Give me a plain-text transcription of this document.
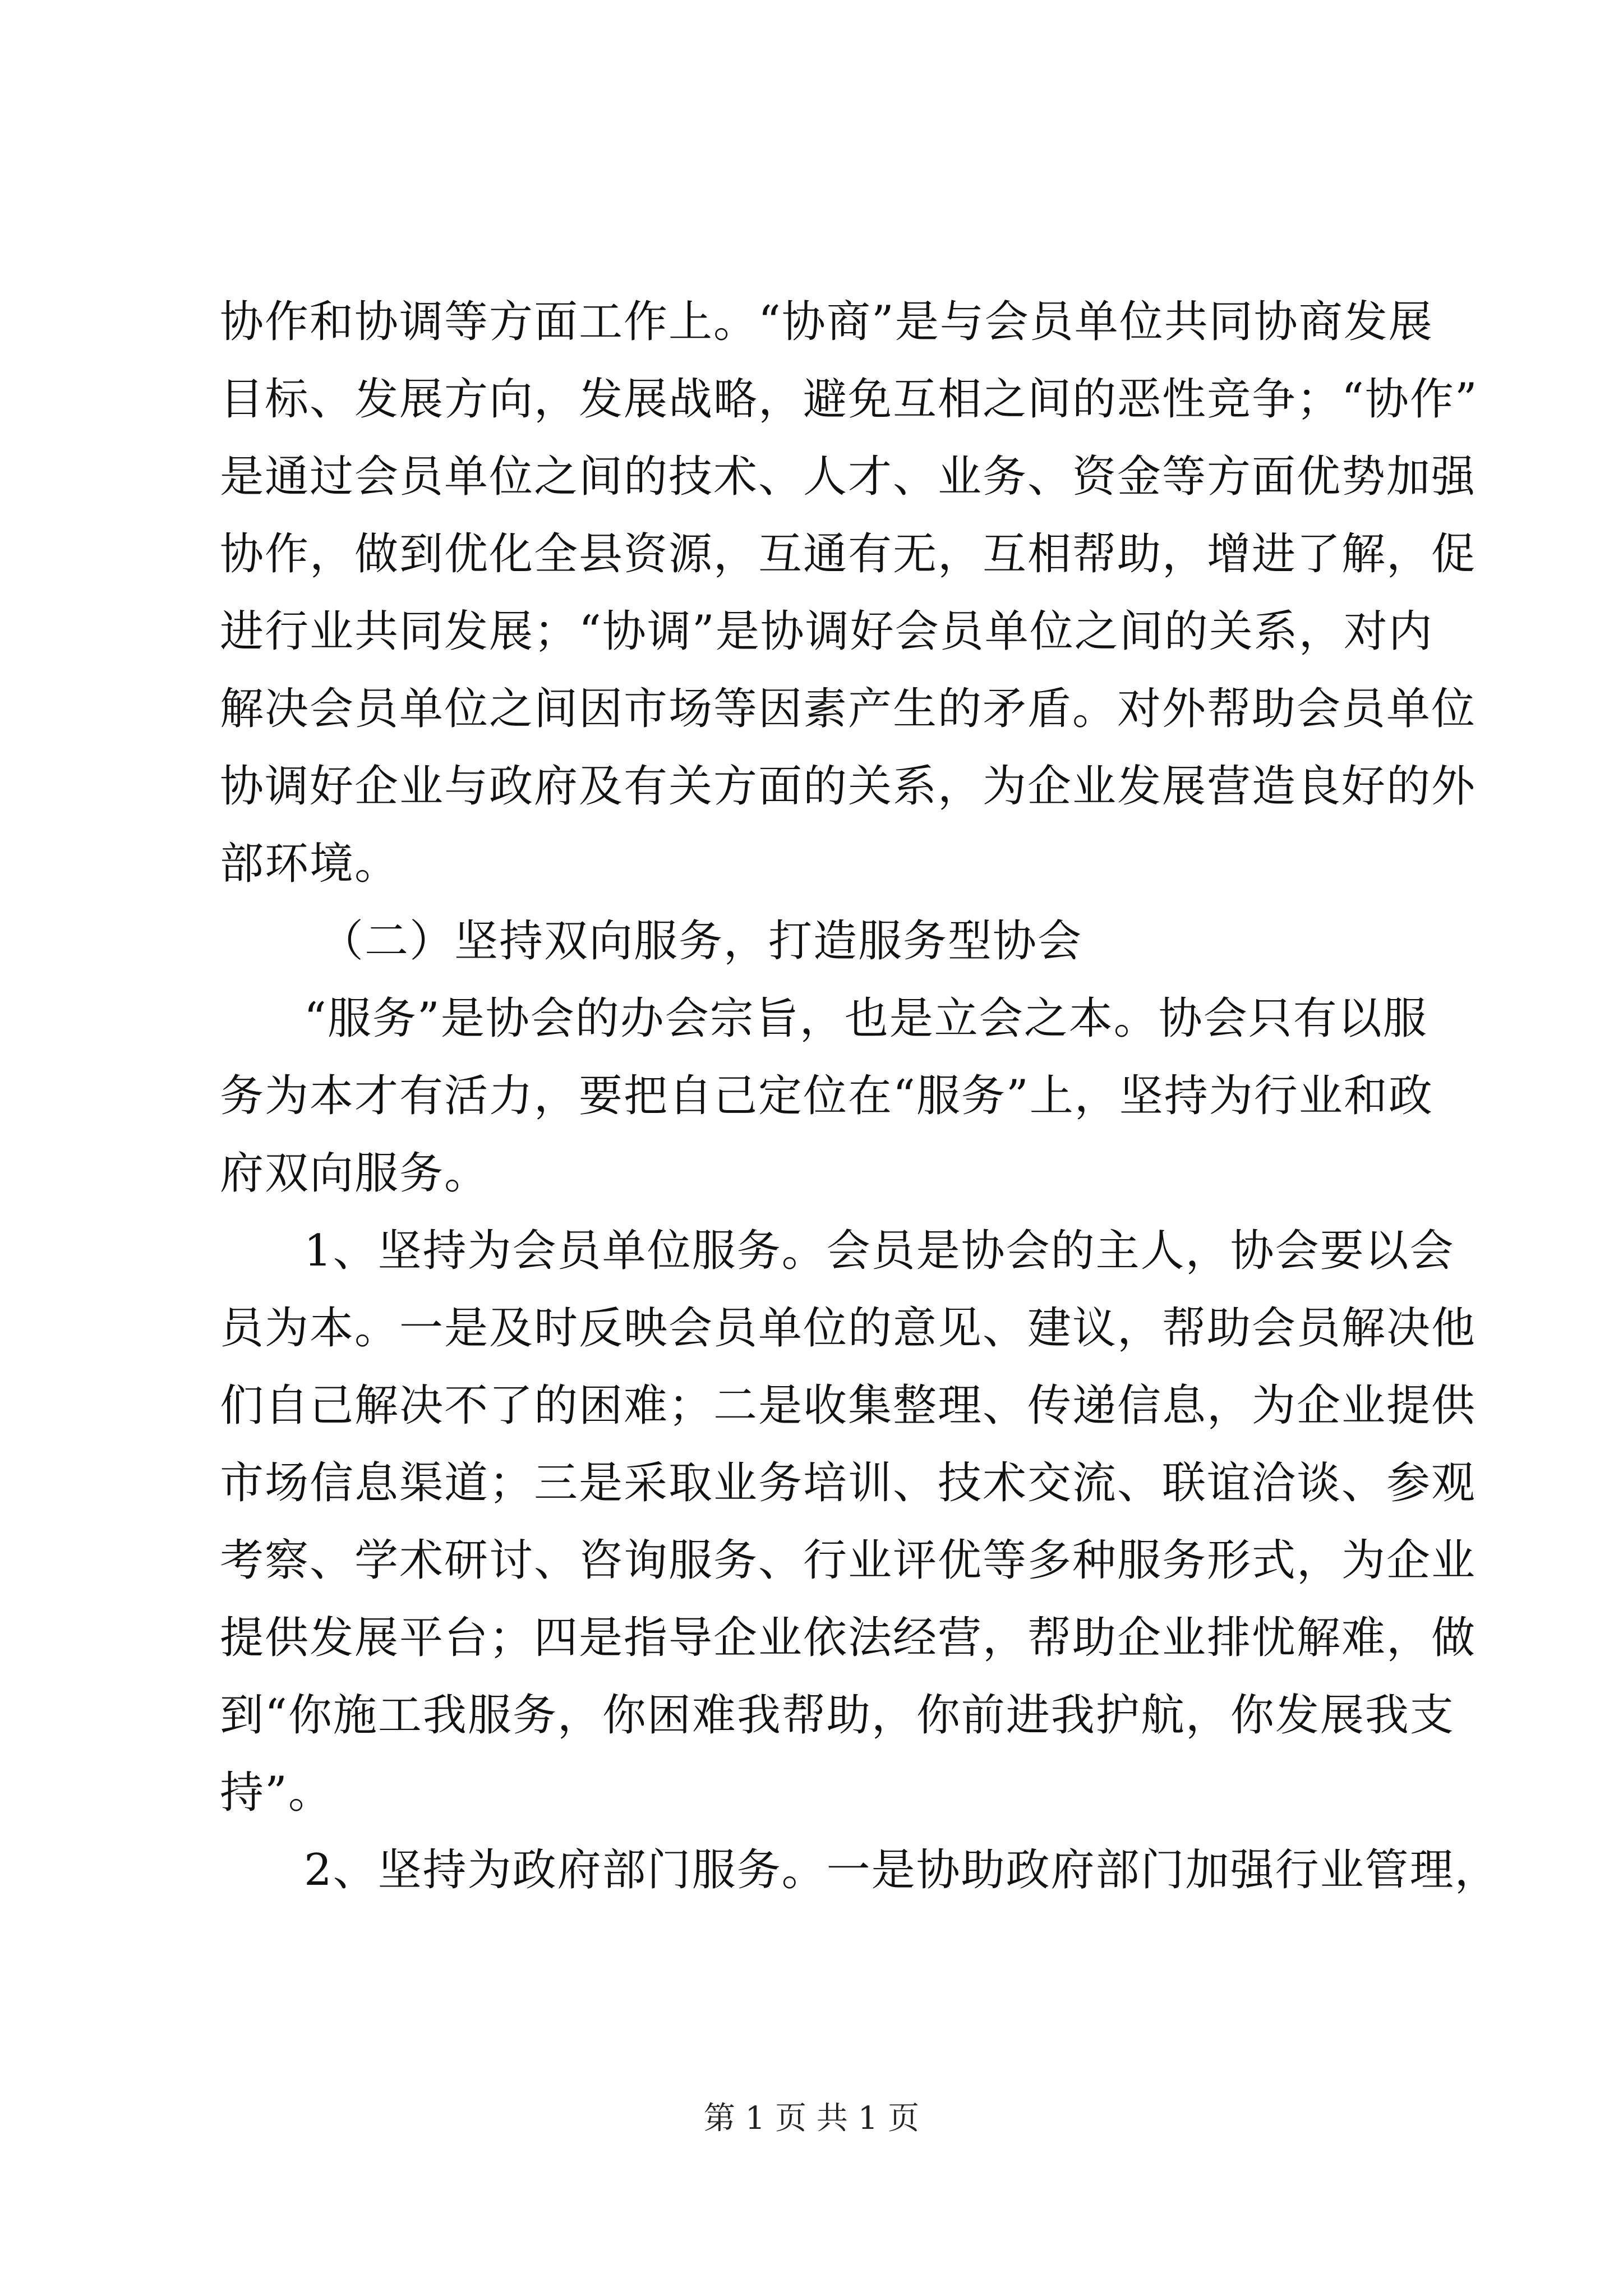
协作和协调等方面工作上。“协商”是与会员单位共同协商发展
目标、发展方向，发展战略，避免互相之间的恶性竞争；“协作”
是通过会员单位之间的技术、人才、业务、资金等方面优势加强
协作，做到优化全县资源，互通有无，互相帮助，增进了解，促
进行业共同发展；“协调”是协调好会员单位之间的关系，对内
解决会员单位之间因市场等因素产生的矛盾。对外帮助会员单位
协调好企业与政府及有关方面的关系，为企业发展营造良好的外
部环境。
（二）坚持双向服务，打造服务型协会
“服务”是协会的办会宗旨，也是立会之本。协会只有以服
务为本才有活力，要把自己定位在“服务”上，坚持为行业和政
府双向服务。
1、坚持为会员单位服务。会员是协会的主人，协会要以会
员为本。一是及时反映会员单位的意见、建议，帮助会员解决他
们自己解决不了的困难；二是收集整理、传递信息，为企业提供
市场信息渠道；三是采取业务培训、技术交流、联谊洽谈、参观
考察、学术研讨、咨询服务、行业评优等多种服务形式，为企业
提供发展平台；四是指导企业依法经营，帮助企业排忧解难，做
到“你施工我服务，你困难我帮助，你前进我护航，你发展我支
持”。
2、坚持为政府部门服务。一是协助政府部门加强行业管理，
第 1 页 共 1 页
